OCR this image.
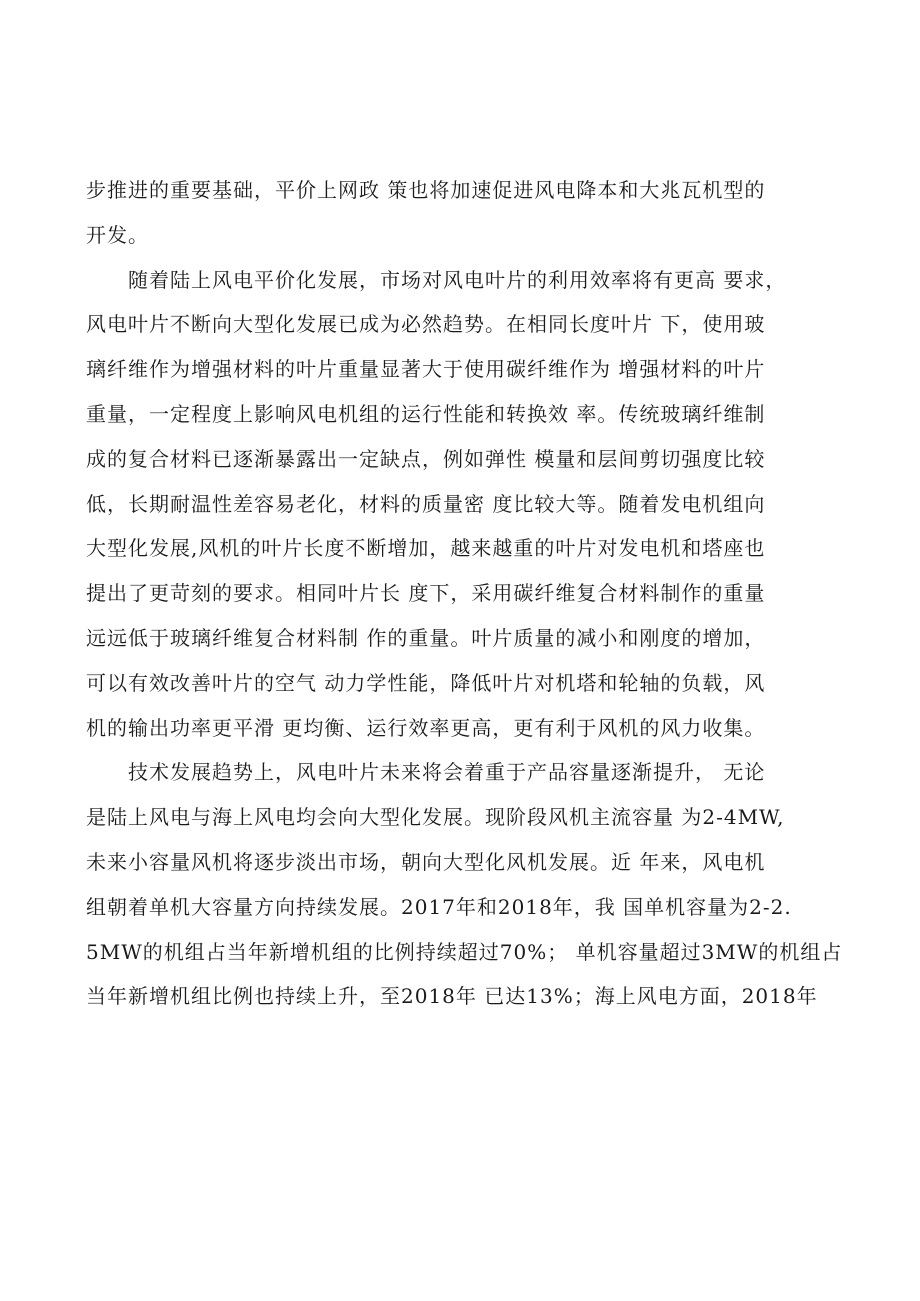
步推进的重要基础，平价上网政 策也将加速促进风电降本和大兆瓦机型的
开发。
随着陆上风电平价化发展，市场对风电叶片的利用效率将有更高 要求，
风电叶片不断向大型化发展已成为必然趋势。在相同长度叶片 下，使用玻
璃纤维作为增强材料的叶片重量显著大于使用碳纤维作为 增强材料的叶片
重量，一定程度上影响风电机组的运行性能和转换效 率。传统玻璃纤维制
成的复合材料已逐渐暴露出一定缺点，例如弹性 模量和层间剪切强度比较
低，长期耐温性差容易老化，材料的质量密 度比较大等。随着发电机组向
大型化发展,风机的叶片长度不断增加，越来越重的叶片对发电机和塔座也
提出了更苛刻的要求。相同叶片长 度下，采用碳纤维复合材料制作的重量
远远低于玻璃纤维复合材料制 作的重量。叶片质量的减小和刚度的增加，
可以有效改善叶片的空气 动力学性能，降低叶片对机塔和轮轴的负载，风
机的输出功率更平滑 更均衡、运行效率更高，更有利于风机的风力收集。
技术发展趋势上，风电叶片未来将会着重于产品容量逐渐提升， 无论
是陆上风电与海上风电均会向大型化发展。现阶段风机主流容量 为2-4MW,
未来小容量风机将逐步淡出市场，朝向大型化风机发展。近 年来，风电机
组朝着单机大容量方向持续发展。2017年和2018年，我 国单机容量为2-2.
5MW的机组占当年新增机组的比例持续超过70%； 单机容量超过3MW的机组占
当年新增机组比例也持续上升，至2018年 已达13%；海上风电方面，2018年
